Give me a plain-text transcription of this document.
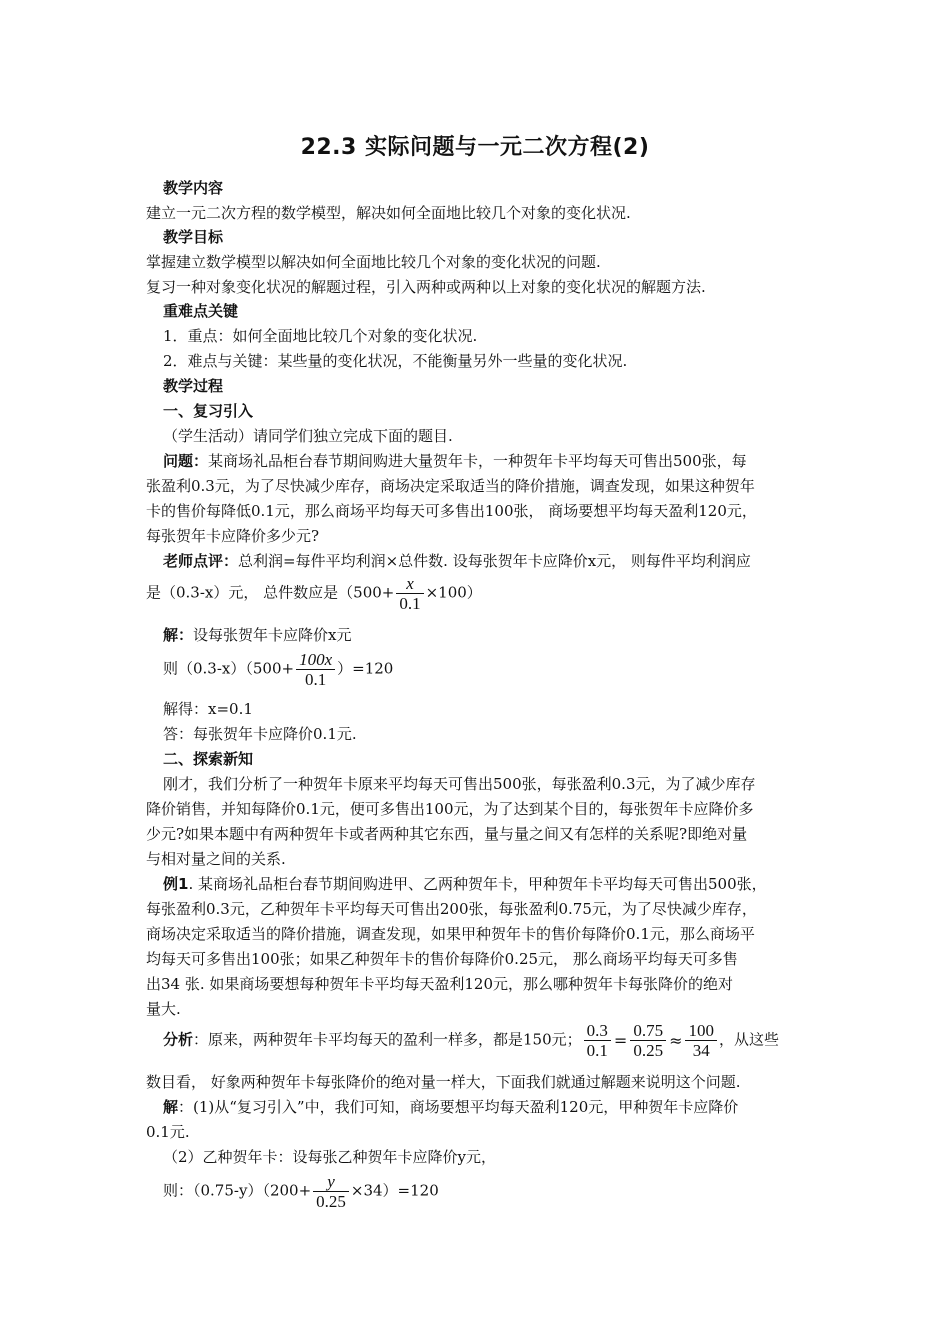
22.3 实际问题与一元二次方程(2)
教学内容
建立一元二次方程的数学模型，解决如何全面地比较几个对象的变化状况.
教学目标
掌握建立数学模型以解决如何全面地比较几个对象的变化状况的问题.
复习一种对象变化状况的解题过程，引入两种或两种以上对象的变化状况的解题方法.
重难点关键
1．重点：如何全面地比较几个对象的变化状况.
2．难点与关键：某些量的变化状况，不能衡量另外一些量的变化状况.
教学过程
一、复习引入
（学生活动）请同学们独立完成下面的题目.
问题：某商场礼品柜台春节期间购进大量贺年卡，一种贺年卡平均每天可售出500张，每
张盈利0.3元，为了尽快减少库存，商场决定采取适当的降价措施，调查发现，如果这种贺年
卡的售价每降低0.1元，那么商场平均每天可多售出100张， 商场要想平均每天盈利120元，
每张贺年卡应降价多少元?
老师点评：总利润=每件平均利润×总件数. 设每张贺年卡应降价x元， 则每件平均利润应
是（0.3-x）元， 总件数应是$(500+ \frac{x}{0.1} \times 100)$
解：设每张贺年卡应降价x元
则$(0.3-x)(500+ \frac{100x}{0.1} )=120$
解得：x=0.1
答：每张贺年卡应降价0.1元.
二、探索新知
刚才，我们分析了一种贺年卡原来平均每天可售出500张，每张盈利0.3元，为了减少库存
降价销售，并知每降价0.1元，便可多售出100元，为了达到某个目的，每张贺年卡应降价多
少元?如果本题中有两种贺年卡或者两种其它东西，量与量之间又有怎样的关系呢?即绝对量
与相对量之间的关系.
例1. 某商场礼品柜台春节期间购进甲、乙两种贺年卡，甲种贺年卡平均每天可售出500张，
每张盈利0.3元，乙种贺年卡平均每天可售出200张，每张盈利0.75元，为了尽快减少库存，
商场决定采取适当的降价措施，调查发现，如果甲种贺年卡的售价每降价0.1元，那么商场平
均每天可多售出100张；如果乙种贺年卡的售价每降价0.25元， 那么商场平均每天可多售
出34 张. 如果商场要想每种贺年卡平均每天盈利120元，那么哪种贺年卡每张降价的绝对
量大.
分析：原来，两种贺年卡平均每天的盈利一样多，都是150元； $\frac{0.3}{0.1} = \frac{0.75}{0.25} \approx \frac{100}{34}$ ，从这些
数目看， 好象两种贺年卡每张降价的绝对量一样大，下面我们就通过解题来说明这个问题.
解：(1)从“复习引入”中，我们可知，商场要想平均每天盈利120元，甲种贺年卡应降价
0.1元.
（2）乙种贺年卡：设每张乙种贺年卡应降价y元，
则：$(0.75-y)(200+ \frac{y}{0.25} \times 34)=120$
